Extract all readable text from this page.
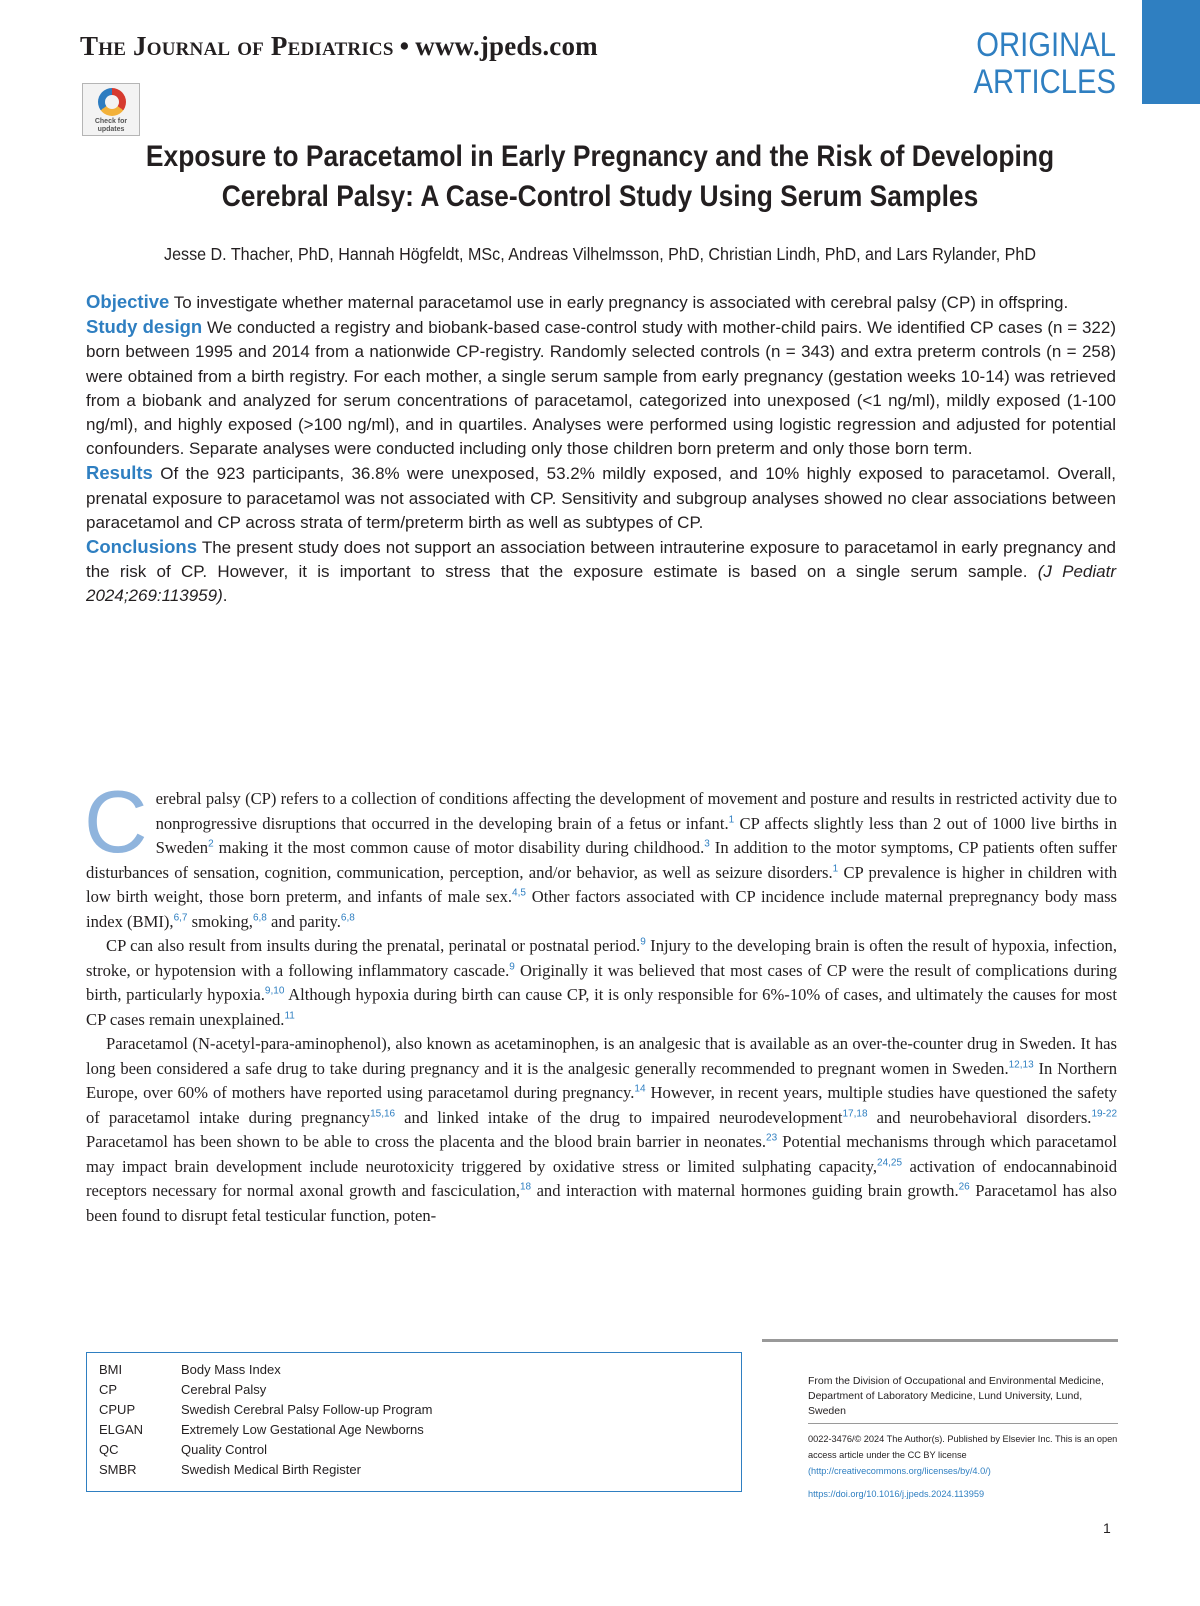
The Journal of Pediatrics • www.jpeds.com	ORIGINAL
ARTICLES
Check for updates
Exposure to Paracetamol in Early Pregnancy and the Risk of Developing
Cerebral Palsy: A Case-Control Study Using Serum Samples
Jesse D. Thacher, PhD, Hannah Högfeldt, MSc, Andreas Vilhelmsson, PhD, Christian Lindh, PhD, and Lars Rylander, PhD

Objective To investigate whether maternal paracetamol use in early pregnancy is associated with cerebral palsy (CP) in offspring.

Study design We conducted a registry and biobank-based case-control study with mother-child pairs. We identified CP cases (n = 322) born between 1995 and 2014 from a nationwide CP-registry. Randomly selected controls (n = 343) and extra preterm controls (n = 258) were obtained from a birth registry. For each mother, a single serum sample from early pregnancy (gestation weeks 10-14) was retrieved from a biobank and analyzed for serum concentrations of paracetamol, categorized into unexposed (<1 ng/ml), mildly exposed (1-100 ng/ml), and highly exposed (>100 ng/ml), and in quartiles. Analyses were performed using logistic regression and adjusted for potential confounders. Separate analyses were conducted including only those children born preterm and only those born term.

Results Of the 923 participants, 36.8% were unexposed, 53.2% mildly exposed, and 10% highly exposed to paracetamol. Overall, prenatal exposure to paracetamol was not associated with CP. Sensitivity and subgroup analyses showed no clear associations between paracetamol and CP across strata of term/preterm birth as well as subtypes of CP.

Conclusions The present study does not support an association between intrauterine exposure to paracetamol in early pregnancy and the risk of CP. However, it is important to stress that the exposure estimate is based on a single serum sample. (J Pediatr 2024;269:113959).

Cerebral palsy (CP) refers to a collection of conditions affecting the development of movement and posture and results in restricted activity due to nonprogressive disruptions that occurred in the developing brain of a fetus or infant.$^1$ CP affects slightly less than 2 out of 1000 live births in Sweden$^2$ making it the most common cause of motor disability during childhood.$^3$ In addition to the motor symptoms, CP patients often suffer disturbances of sensation, cognition, communication, perception, and/or behavior, as well as seizure disorders.$^1$ CP prevalence is higher in children with low birth weight, those born preterm, and infants of male sex.$^{4,5}$ Other factors associated with CP incidence include maternal prepregnancy body mass index (BMI),$^{6,7}$ smoking,$^{6,8}$ and parity.$^{6,8}$

CP can also result from insults during the prenatal, perinatal or postnatal period.$^9$ Injury to the developing brain is often the result of hypoxia, infection, stroke, or hypotension with a following inflammatory cascade.$^9$ Originally it was believed that most cases of CP were the result of complications during birth, particularly hypoxia.$^{9,10}$ Although hypoxia during birth can cause CP, it is only responsible for 6%-10% of cases, and ultimately the causes for most CP cases remain unexplained.$^{11}$

Paracetamol (N-acetyl-para-aminophenol), also known as acetaminophen, is an analgesic that is available as an over-the-counter drug in Sweden. It has long been considered a safe drug to take during pregnancy and it is the analgesic generally recommended to pregnant women in Sweden.$^{12,13}$ In Northern Europe, over 60% of mothers have reported using paracetamol during pregnancy.$^{14}$ However, in recent years, multiple studies have questioned the safety of paracetamol intake during pregnancy$^{15,16}$ and linked intake of the drug to impaired neurodevelopment$^{17,18}$ and neurobehavioral disorders.$^{19-22}$ Paracetamol has been shown to be able to cross the placenta and the blood brain barrier in neonates.$^{23}$ Potential mechanisms through which paracetamol may impact brain development include neurotoxicity triggered by oxidative stress or limited sulphating capacity,$^{24,25}$ activation of endocannabinoid receptors necessary for normal axonal growth and fasciculation,$^{18}$ and interaction with maternal hormones guiding brain growth.$^{26}$ Paracetamol has also been found to disrupt fetal testicular function, poten-

BMI	Body Mass Index
CP	Cerebral Palsy
CPUP	Swedish Cerebral Palsy Follow-up Program
ELGAN	Extremely Low Gestational Age Newborns
QC	Quality Control
SMBR	Swedish Medical Birth Register
From the Division of Occupational and Environmental Medicine, Department of Laboratory Medicine, Lund University, Lund, Sweden
0022-3476/© 2024 The Author(s). Published by Elsevier Inc. This is an open access article under the CC BY license (http://creativecommons.org/licenses/by/4.0/)
https://doi.org/10.1016/j.jpeds.2024.113959
1
